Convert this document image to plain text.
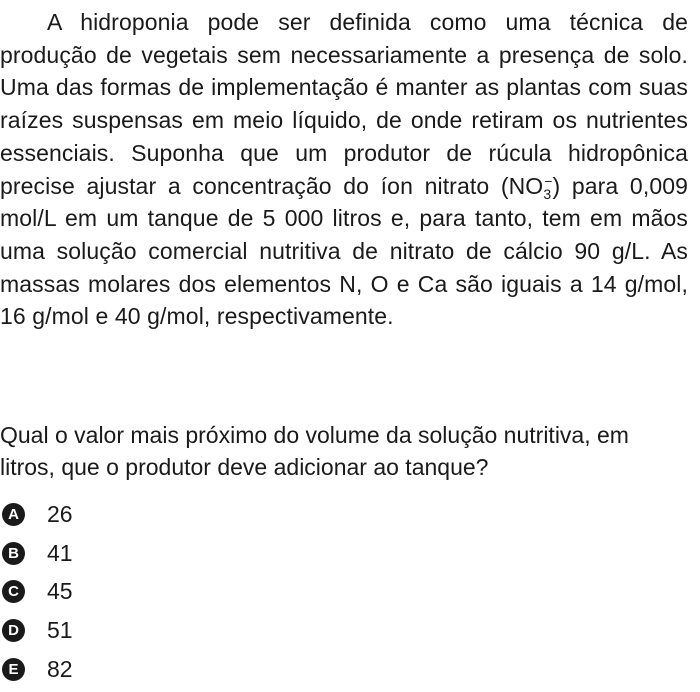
A hidroponia pode ser definida como uma técnica de produção de vegetais sem necessariamente a presença de solo. Uma das formas de implementação é manter as plantas com suas raízes suspensas em meio líquido, de onde retiram os nutrientes essenciais. Suponha que um produtor de rúcula hidropônica precise ajustar a concentração do íon nitrato $(NO_3^-)$ para 0,009 mol/L em um tanque de 5 000 litros e, para tanto, tem em mãos uma solução comercial nutritiva de nitrato de cálcio 90 g/L. As massas molares dos elementos N, O e Ca são iguais a 14 g/mol, 16 g/mol e 40 g/mol, respectivamente.

Qual o valor mais próximo do volume da solução nutritiva, em litros, que o produtor deve adicionar ao tanque?

A 26
B 41
C 45
D 51
E 82
